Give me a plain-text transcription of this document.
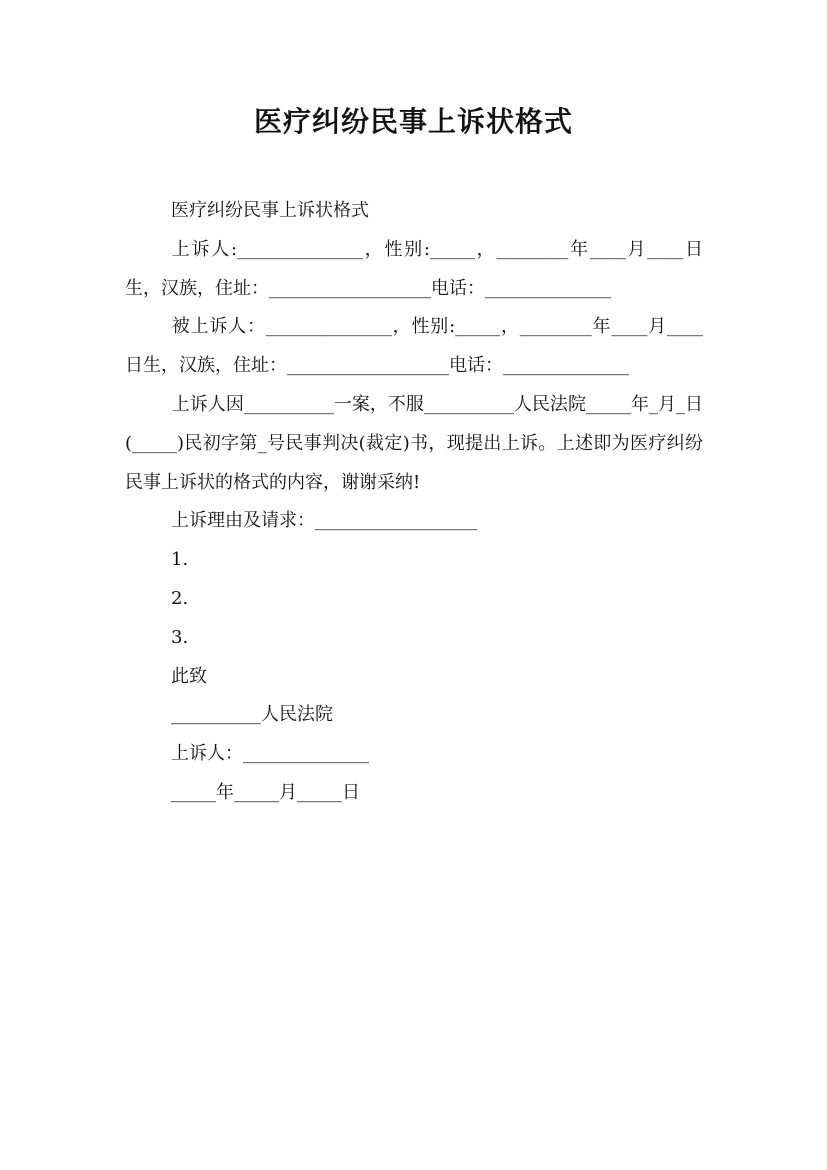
医疗纠纷民事上诉状格式

医疗纠纷民事上诉状格式

上诉人:______________，性别:_____，________年____月____日生，汉族，住址：__________________电话：______________

被上诉人：______________，性别:_____，________年____月____日生，汉族，住址：__________________电话：______________

上诉人因__________一案，不服__________人民法院_____年_月_日(_____)民初字第_号民事判决(裁定)书，现提出上诉。上述即为医疗纠纷民事上诉状的格式的内容，谢谢采纳!

上诉理由及请求：__________________

1.

2.

3.

此致

__________人民法院

上诉人：______________

_____年_____月_____日
